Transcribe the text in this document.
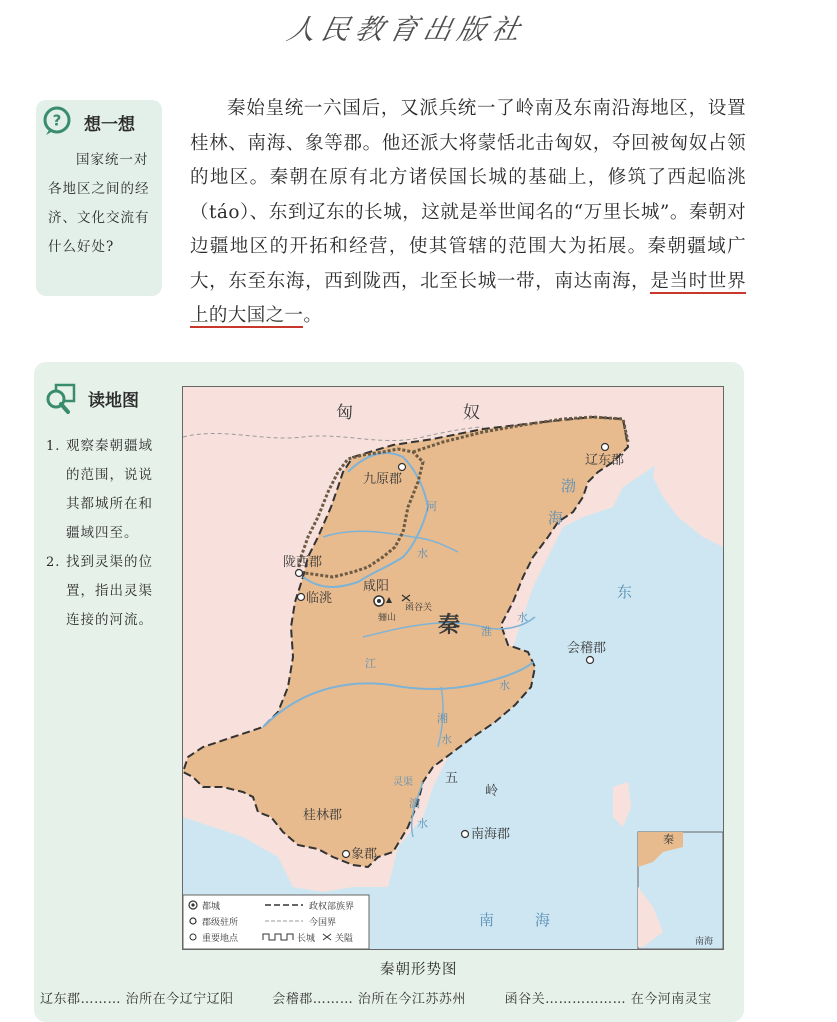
人民教育出版社
? 想一想
国家统一对各地区之间的经济、文化交流有什么好处?
秦始皇统一六国后，又派兵统一了岭南及东南沿海地区，设置桂林、南海、象等郡。他还派大将蒙恬北击匈奴，夺回被匈奴占领的地区。秦朝在原有北方诸侯国长城的基础上，修筑了西起临洮（táo）、东到辽东的长城，这就是举世闻名的“万里长城”。秦朝对边疆地区的开拓和经营，使其管辖的范围大为拓展。秦朝疆域广大，东至东海，西到陇西，北至长城一带，南达南海，是当时世界上的大国之一。
读地图
1. 观察秦朝疆域的范围，说说其都城所在和疆域四至。
2. 找到灵渠的位置，指出灵渠连接的河流。
匈	奴
秦
九原郡
辽东郡
陇西郡
临洮
咸阳
骊山
函谷关
会稽郡
桂林郡
象郡
南海郡
五
岭
灵渠
渤
海
东
南	海
河
水
淮
水
江
水
湘
水
漓
水
秦
南海
都城
郡级驻所
重要地点
政权部族界
今国界
长城 关隘
秦朝形势图
辽东郡……… 治所在今辽宁辽阳	会稽郡……… 治所在今江苏苏州	函谷关……………… 在今河南灵宝
